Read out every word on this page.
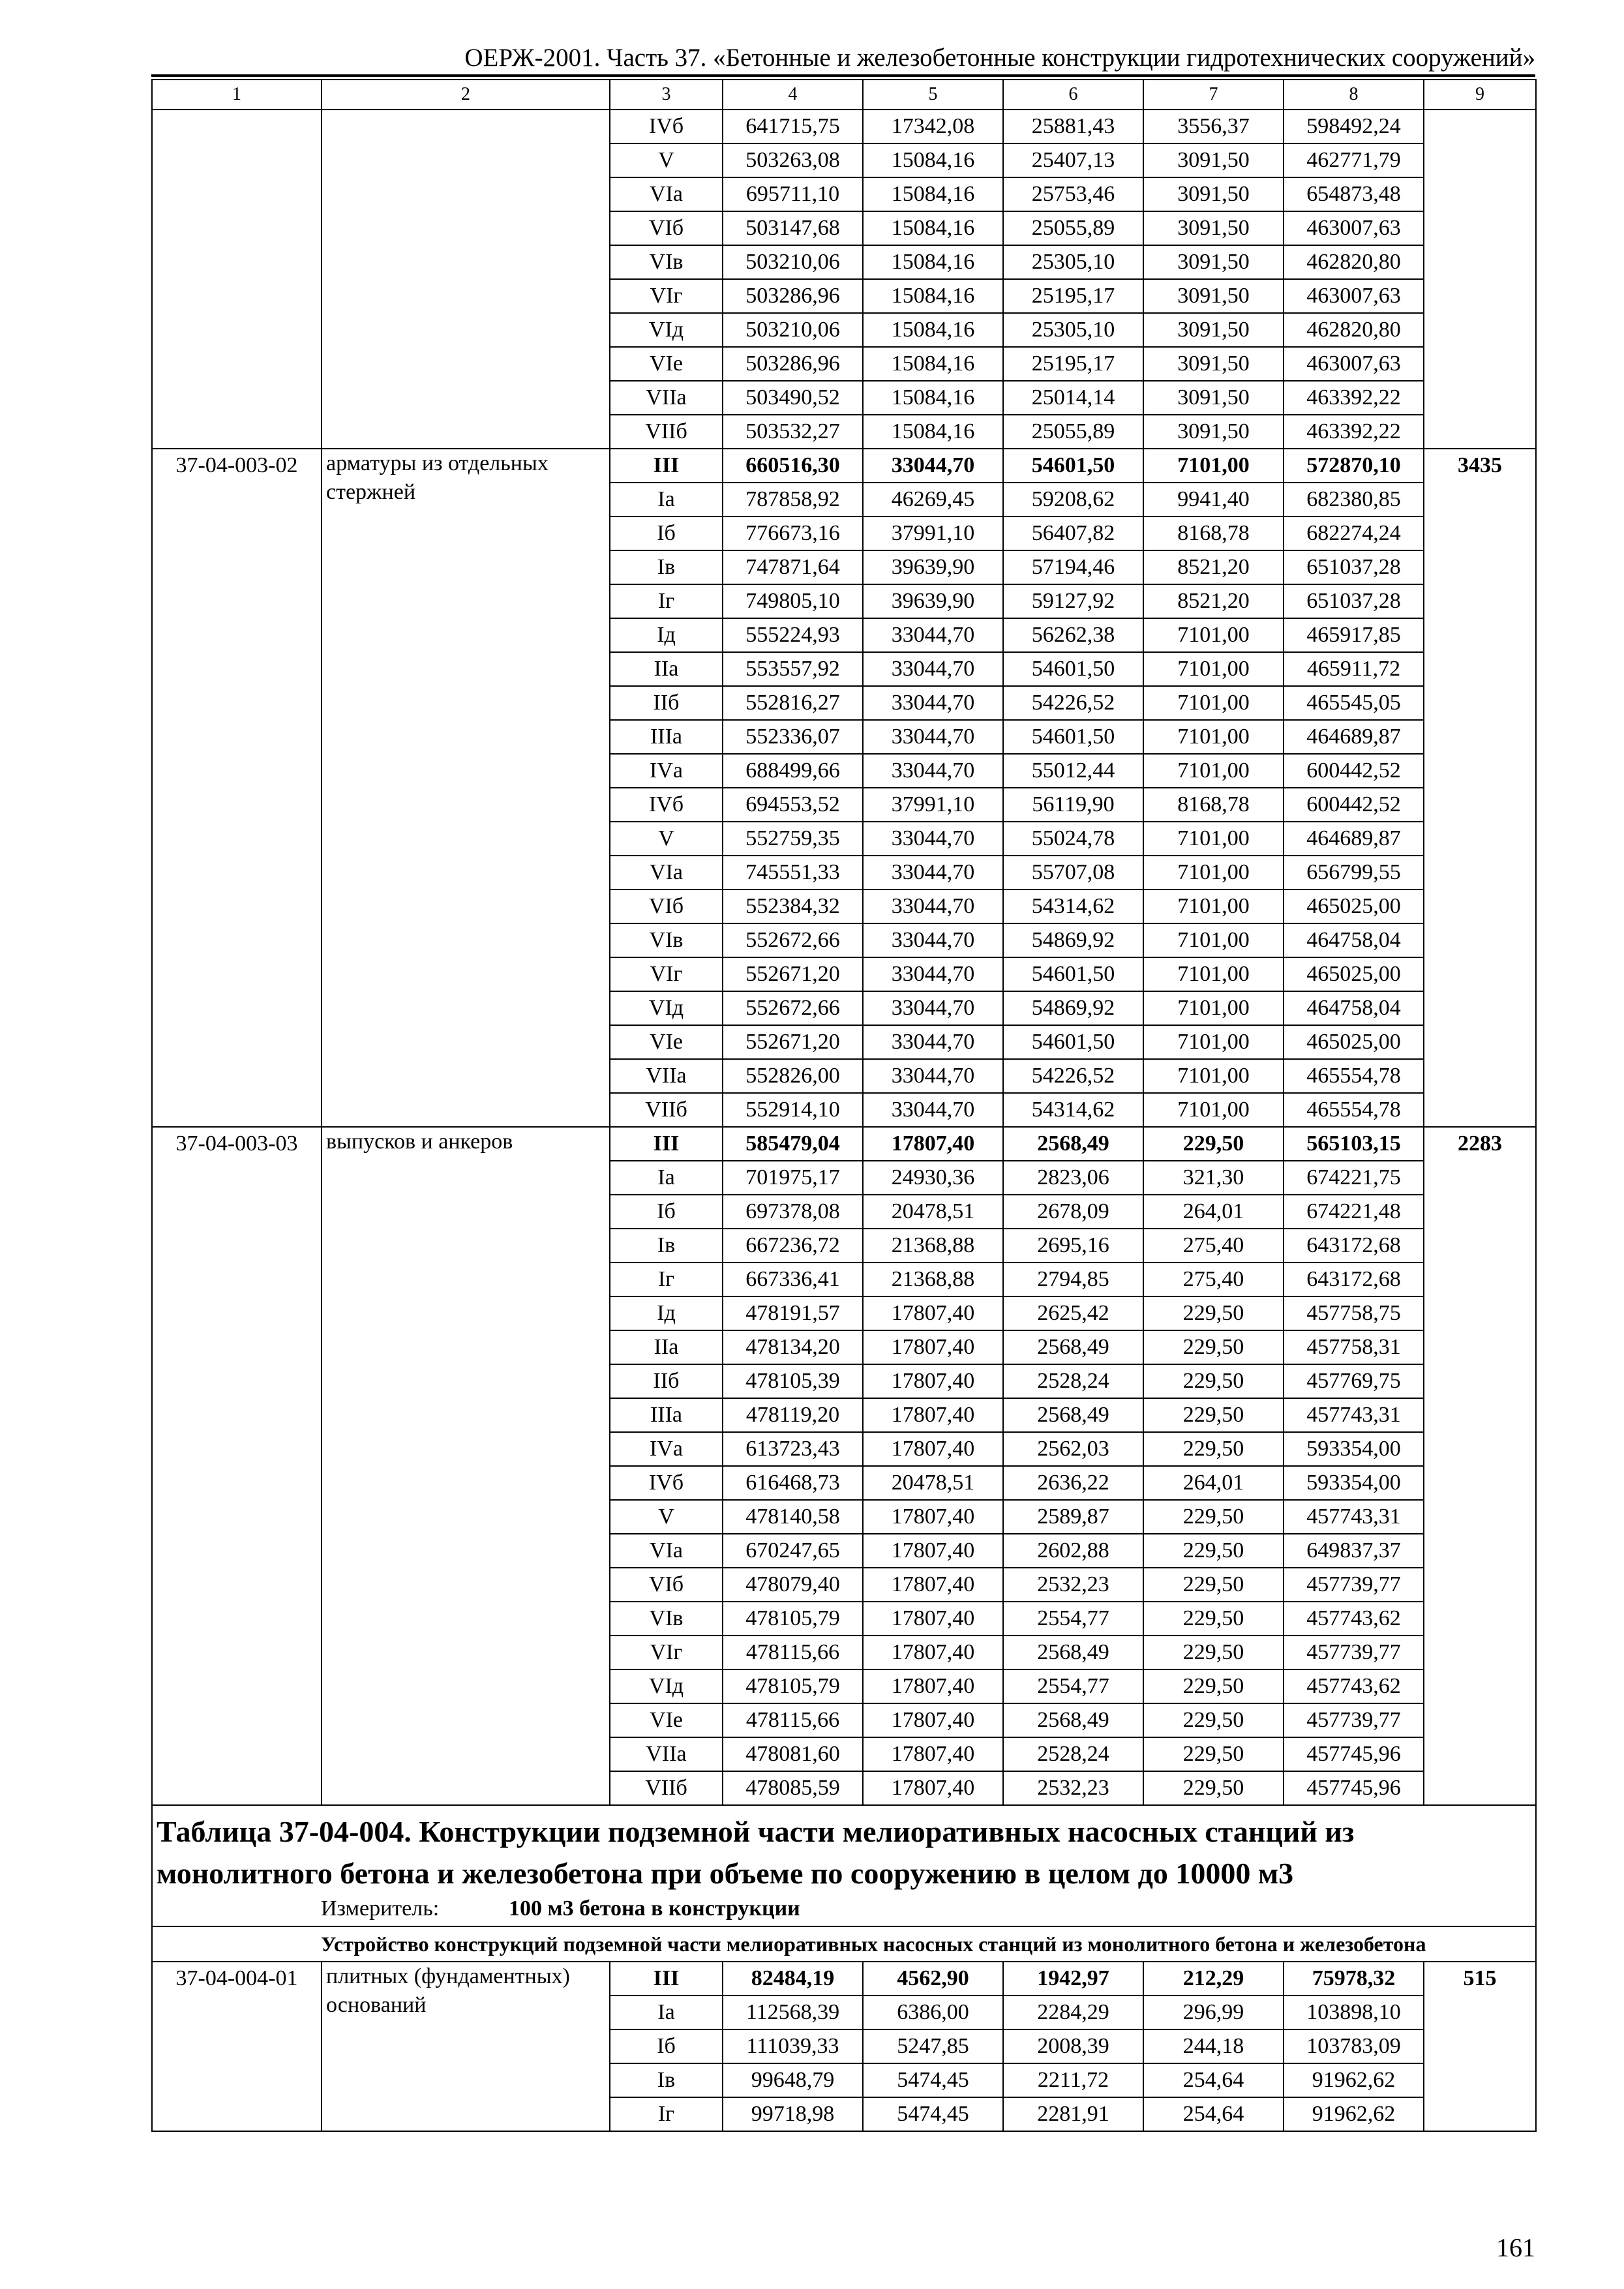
ОЕРЖ-2001. Часть 37. «Бетонные и железобетонные конструкции гидротехнических сооружений»
1	2	3	4	5	6	7	8	9
		IVб	641715,75	17342,08	25881,43	3556,37	598492,24	
		V	503263,08	15084,16	25407,13	3091,50	462771,79	
		VIа	695711,10	15084,16	25753,46	3091,50	654873,48	
		VIб	503147,68	15084,16	25055,89	3091,50	463007,63	
		VIв	503210,06	15084,16	25305,10	3091,50	462820,80	
		VIг	503286,96	15084,16	25195,17	3091,50	463007,63	
		VIд	503210,06	15084,16	25305,10	3091,50	462820,80	
		VIе	503286,96	15084,16	25195,17	3091,50	463007,63	
		VIIа	503490,52	15084,16	25014,14	3091,50	463392,22	
		VIIб	503532,27	15084,16	25055,89	3091,50	463392,22	
37-04-003-02	арматуры из отдельных стержней	III	660516,30	33044,70	54601,50	7101,00	572870,10	3435
		Iа	787858,92	46269,45	59208,62	9941,40	682380,85	
		Iб	776673,16	37991,10	56407,82	8168,78	682274,24	
		Iв	747871,64	39639,90	57194,46	8521,20	651037,28	
		Iг	749805,10	39639,90	59127,92	8521,20	651037,28	
		Iд	555224,93	33044,70	56262,38	7101,00	465917,85	
		IIа	553557,92	33044,70	54601,50	7101,00	465911,72	
		IIб	552816,27	33044,70	54226,52	7101,00	465545,05	
		IIIа	552336,07	33044,70	54601,50	7101,00	464689,87	
		IVа	688499,66	33044,70	55012,44	7101,00	600442,52	
		IVб	694553,52	37991,10	56119,90	8168,78	600442,52	
		V	552759,35	33044,70	55024,78	7101,00	464689,87	
		VIа	745551,33	33044,70	55707,08	7101,00	656799,55	
		VIб	552384,32	33044,70	54314,62	7101,00	465025,00	
		VIв	552672,66	33044,70	54869,92	7101,00	464758,04	
		VIг	552671,20	33044,70	54601,50	7101,00	465025,00	
		VIд	552672,66	33044,70	54869,92	7101,00	464758,04	
		VIе	552671,20	33044,70	54601,50	7101,00	465025,00	
		VIIа	552826,00	33044,70	54226,52	7101,00	465554,78	
		VIIб	552914,10	33044,70	54314,62	7101,00	465554,78	
37-04-003-03	выпусков и анкеров	III	585479,04	17807,40	2568,49	229,50	565103,15	2283
		Iа	701975,17	24930,36	2823,06	321,30	674221,75	
		Iб	697378,08	20478,51	2678,09	264,01	674221,48	
		Iв	667236,72	21368,88	2695,16	275,40	643172,68	
		Iг	667336,41	21368,88	2794,85	275,40	643172,68	
		Iд	478191,57	17807,40	2625,42	229,50	457758,75	
		IIа	478134,20	17807,40	2568,49	229,50	457758,31	
		IIб	478105,39	17807,40	2528,24	229,50	457769,75	
		IIIа	478119,20	17807,40	2568,49	229,50	457743,31	
		IVа	613723,43	17807,40	2562,03	229,50	593354,00	
		IVб	616468,73	20478,51	2636,22	264,01	593354,00	
		V	478140,58	17807,40	2589,87	229,50	457743,31	
		VIа	670247,65	17807,40	2602,88	229,50	649837,37	
		VIб	478079,40	17807,40	2532,23	229,50	457739,77	
		VIв	478105,79	17807,40	2554,77	229,50	457743,62	
		VIг	478115,66	17807,40	2568,49	229,50	457739,77	
		VIд	478105,79	17807,40	2554,77	229,50	457743,62	
		VIе	478115,66	17807,40	2568,49	229,50	457739,77	
		VIIа	478081,60	17807,40	2528,24	229,50	457745,96	
		VIIб	478085,59	17807,40	2532,23	229,50	457745,96	

Таблица 37-04-004. Конструкции подземной части мелиоративных насосных станций из монолитного бетона и железобетона при объеме по сооружению в целом до 10000 м3
Измеритель: 100 м3 бетона в конструкции								

Устройство конструкций подземной части мелиоративных насосных станций из монолитного бетона и железобетона								
37-04-004-01	плитных (фундаментных) оснований	III	82484,19	4562,90	1942,97	212,29	75978,32	515
		Iа	112568,39	6386,00	2284,29	296,99	103898,10	
		Iб	111039,33	5247,85	2008,39	244,18	103783,09	
		Iв	99648,79	5474,45	2211,72	254,64	91962,62	
		Iг	99718,98	5474,45	2281,91	254,64	91962,62	
161
